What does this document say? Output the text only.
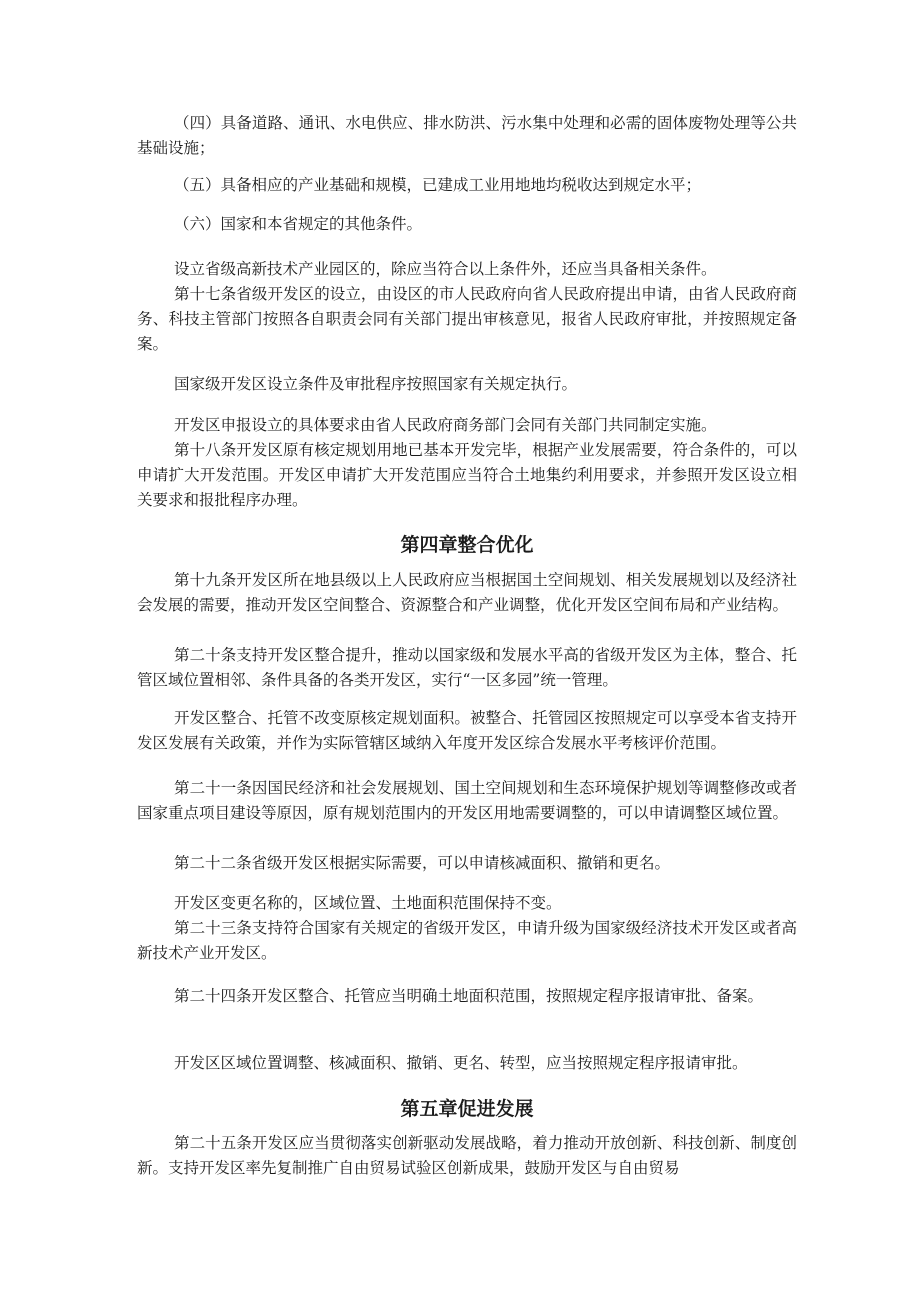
（四）具备道路、通讯、水电供应、排水防洪、污水集中处理和必需的固体废物处理等公共基础设施；

（五）具备相应的产业基础和规模，已建成工业用地地均税收达到规定水平；

（六）国家和本省规定的其他条件。

设立省级高新技术产业园区的，除应当符合以上条件外，还应当具备相关条件。

第十七条省级开发区的设立，由设区的市人民政府向省人民政府提出申请，由省人民政府商务、科技主管部门按照各自职责会同有关部门提出审核意见，报省人民政府审批，并按照规定备案。

国家级开发区设立条件及审批程序按照国家有关规定执行。

开发区申报设立的具体要求由省人民政府商务部门会同有关部门共同制定实施。

第十八条开发区原有核定规划用地已基本开发完毕，根据产业发展需要，符合条件的，可以申请扩大开发范围。开发区申请扩大开发范围应当符合土地集约利用要求，并参照开发区设立相关要求和报批程序办理。

第四章整合优化

第十九条开发区所在地县级以上人民政府应当根据国土空间规划、相关发展规划以及经济社会发展的需要，推动开发区空间整合、资源整合和产业调整，优化开发区空间布局和产业结构。

第二十条支持开发区整合提升，推动以国家级和发展水平高的省级开发区为主体，整合、托管区域位置相邻、条件具备的各类开发区，实行“一区多园”统一管理。

开发区整合、托管不改变原核定规划面积。被整合、托管园区按照规定可以享受本省支持开发区发展有关政策，并作为实际管辖区域纳入年度开发区综合发展水平考核评价范围。

第二十一条因国民经济和社会发展规划、国土空间规划和生态环境保护规划等调整修改或者国家重点项目建设等原因，原有规划范围内的开发区用地需要调整的，可以申请调整区域位置。

第二十二条省级开发区根据实际需要，可以申请核减面积、撤销和更名。

开发区变更名称的，区域位置、土地面积范围保持不变。

第二十三条支持符合国家有关规定的省级开发区，申请升级为国家级经济技术开发区或者高新技术产业开发区。

第二十四条开发区整合、托管应当明确土地面积范围，按照规定程序报请审批、备案。

开发区区域位置调整、核减面积、撤销、更名、转型，应当按照规定程序报请审批。

第五章促进发展

第二十五条开发区应当贯彻落实创新驱动发展战略，着力推动开放创新、科技创新、制度创新。支持开发区率先复制推广自由贸易试验区创新成果，鼓励开发区与自由贸易
